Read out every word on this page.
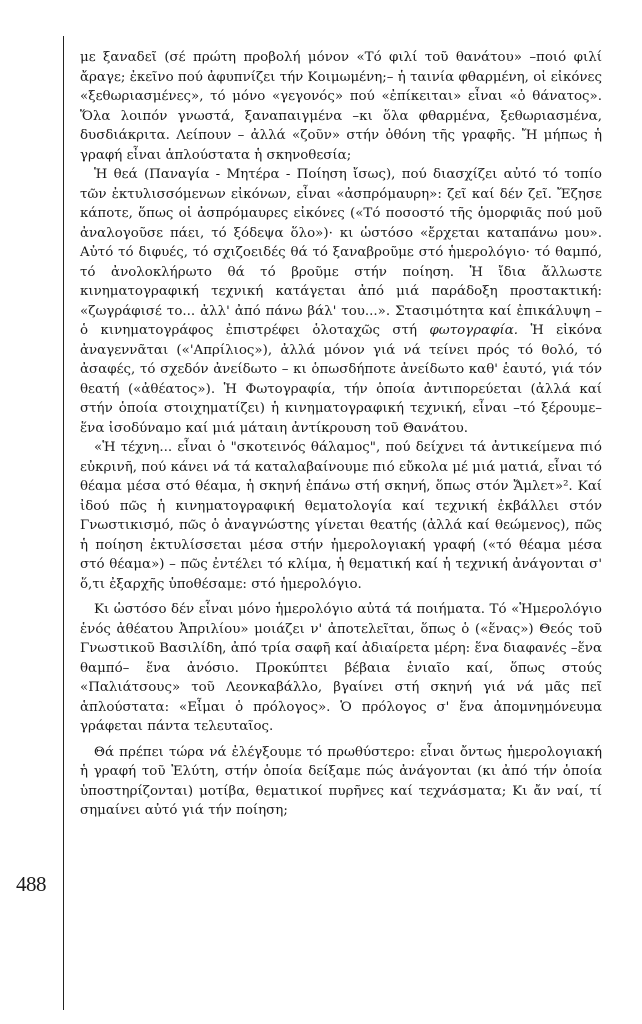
488

με ξαναδεῖ (σέ πρώτη προβολή μόνον «Τό φιλί τοῦ θανάτου» –ποιό φιλί ἄραγε; ἐκεῖνο πού ἀφυπνίζει τήν Κοιμωμένη;– ἡ ταινία φθαρμένη, οἱ εἰκόνες «ξεθωριασμένες», τό μόνο «γεγονός» πού «ἐπίκειται» εἶναι «ὁ θάνατος». Ὅλα λοιπόν γνωστά, ξαναπαιγμένα –κι ὅλα φθαρμένα, ξεθωριασμένα, δυσδιάκριτα. Λείπουν – ἀλλά «ζοῦν» στήν ὀθόνη τῆς γραφῆς. Ἤ μήπως ἡ γραφή εἶναι ἁπλούστατα ἡ σκηνοθεσία;

Ἡ θεά (Παναγία - Μητέρα - Ποίηση ἴσως), πού διασχίζει αὐτό τό τοπίο τῶν ἐκτυλισσόμενων εἰκόνων, εἶναι «ἀσπρόμαυρη»: ζεῖ καί δέν ζεῖ. Ἔζησε κάποτε, ὅπως οἱ ἀσπρόμαυρες εἰκόνες («Τό ποσοστό τῆς ὁμορφιᾶς πού μοῦ ἀναλογοῦσε πάει, τό ξόδεψα ὅλο»)· κι ὡστόσο «ἔρχεται καταπάνω μου». Αὐτό τό διφυές, τό σχιζοειδές θά τό ξαναβροῦμε στό ἡμερολόγιο· τό θαμπό, τό ἀνολοκλήρωτο θά τό βροῦμε στήν ποίηση. Ἡ ἴδια ἄλλωστε κινηματογραφική τεχνική κατάγεται ἀπό μιά παράδοξη προστακτική: «ζωγράφισέ το... ἀλλ' ἀπό πάνω βάλ' του...». Στασιμότητα καί ἐπικάλυψη – ὁ κινηματογράφος ἐπιστρέφει ὁλοταχῶς στή φωτογραφία. Ἡ εἰκόνα ἀναγεννᾶται («'Απρίλιος»), ἀλλά μόνον γιά νά τείνει πρός τό θολό, τό ἀσαφές, τό σχεδόν ἀνείδωτο – κι ὁπωσδήποτε ἀνείδωτο καθ' ἑαυτό, γιά τόν θεατή («ἀθέατος»). Ἡ Φωτογραφία, τήν ὁποία ἀντιπορεύεται (ἀλλά καί στήν ὁποία στοιχηματίζει) ἡ κινηματογραφική τεχνική, εἶναι –τό ξέρουμε– ἕνα ἰσοδύναμο καί μιά μάταιη ἀντίκρουση τοῦ Θανάτου.

«Ἡ τέχνη... εἶναι ὁ "σκοτεινός θάλαμος", πού δείχνει τά ἀντικείμενα πιό εὐκρινῆ, πού κάνει νά τά καταλαβαίνουμε πιό εὔκολα μέ μιά ματιά, εἶναι τό θέαμα μέσα στό θέαμα, ἡ σκηνή ἐπάνω στή σκηνή, ὅπως στόν Ἄμλετ»². Καί ἰδού πῶς ἡ κινηματογραφική θεματολογία καί τεχνική ἐκβάλλει στόν Γνωστικισμό, πῶς ὁ ἀναγνώστης γίνεται θεατής (ἀλλά καί θεώμενος), πῶς ἡ ποίηση ἐκτυλίσσεται μέσα στήν ἡμερολογιακή γραφή («τό θέαμα μέσα στό θέαμα») – πῶς ἐντέλει τό κλίμα, ἡ θεματική καί ἡ τεχνική ἀνάγονται σ' ὅ,τι ἐξαρχῆς ὑποθέσαμε: στό ἡμερολόγιο.

Κι ὡστόσο δέν εἶναι μόνο ἡμερολόγιο αὐτά τά ποιήματα. Τό «Ἡμερολόγιο ἑνός ἀθέατου Ἀπριλίου» μοιάζει ν' ἀποτελεῖται, ὅπως ὁ («ἕνας») Θεός τοῦ Γνωστικοῦ Βασιλίδη, ἀπό τρία σαφῆ καί ἀδιαίρετα μέρη: ἕνα διαφανές –ἕνα θαμπό– ἕνα ἀνόσιο. Προκύπτει βέβαια ἑνιαῖο καί, ὅπως στούς «Παλιάτσους» τοῦ Λεονκαβάλλο, βγαίνει στή σκηνή γιά νά μᾶς πεῖ ἁπλούστατα: «Εἶμαι ὁ πρόλογος». Ὁ πρόλογος σ' ἕνα ἀπομνημόνευμα γράφεται πάντα τελευταῖος.

Θά πρέπει τώρα νά ἐλέγξουμε τό πρωθύστερο: εἶναι ὄντως ἡμερολογιακή ἡ γραφή τοῦ Ἐλύτη, στήν ὁποία δείξαμε πώς ἀνάγονται (κι ἀπό τήν ὁποία ὑποστηρίζονται) μοτίβα, θεματικοί πυρῆνες καί τεχνάσματα; Κι ἄν ναί, τί σημαίνει αὐτό γιά τήν ποίηση;
